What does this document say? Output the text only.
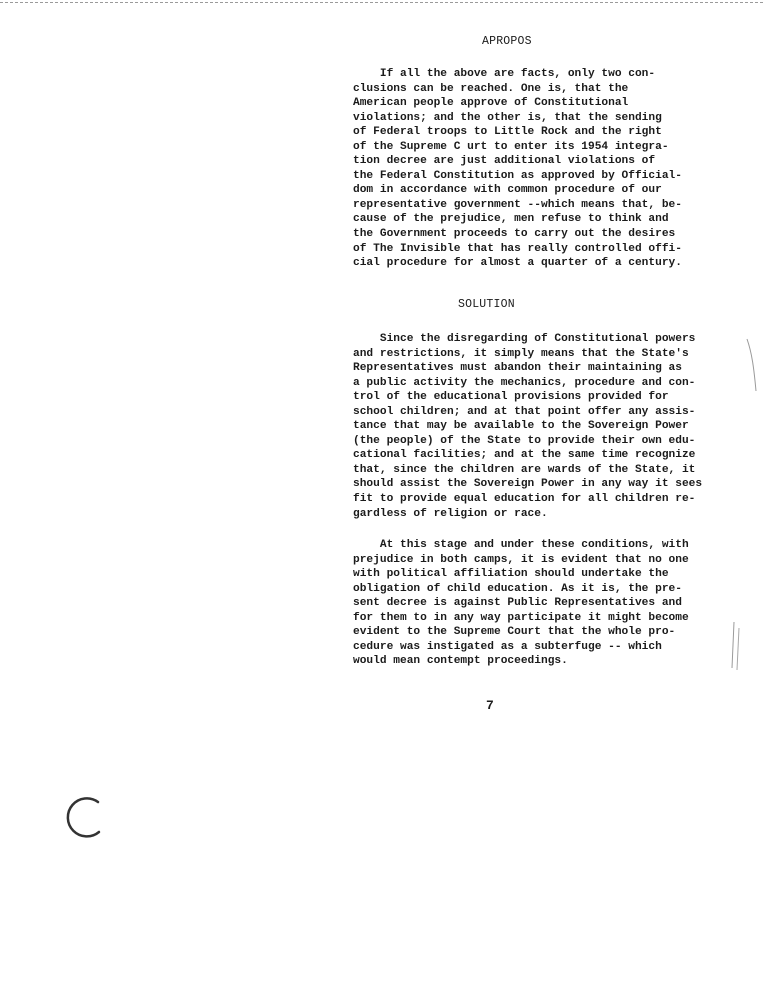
APROPOS
If all the above are facts, only two con-
clusions can be reached. One is, that the
American people approve of Constitutional
violations; and the other is, that the sending
of Federal troops to Little Rock and the right
of the Supreme C urt to enter its 1954 integra-
tion decree are just additional violations of
the Federal Constitution as approved by Official-
dom in accordance with common procedure of our
representative government --which means that, be-
cause of the prejudice, men refuse to think and
the Government proceeds to carry out the desires
of The Invisible that has really controlled offi-
cial procedure for almost a quarter of a century.
SOLUTION
Since the disregarding of Constitutional powers
and restrictions, it simply means that the State's
Representatives must abandon their maintaining as
a public activity the mechanics, procedure and con-
trol of the educational provisions provided for
school children; and at that point offer any assis-
tance that may be available to the Sovereign Power
(the people) of the State to provide their own edu-
cational facilities; and at the same time recognize
that, since the children are wards of the State, it
should assist the Sovereign Power in any way it sees
fit to provide equal education for all children re-
gardless of religion or race.
At this stage and under these conditions, with
prejudice in both camps, it is evident that no one
with political affiliation should undertake the
obligation of child education. As it is, the pre-
sent decree is against Public Representatives and
for them to in any way participate it might become
evident to the Supreme Court that the whole pro-
cedure was instigated as a subterfuge -- which
would mean contempt proceedings.
7
